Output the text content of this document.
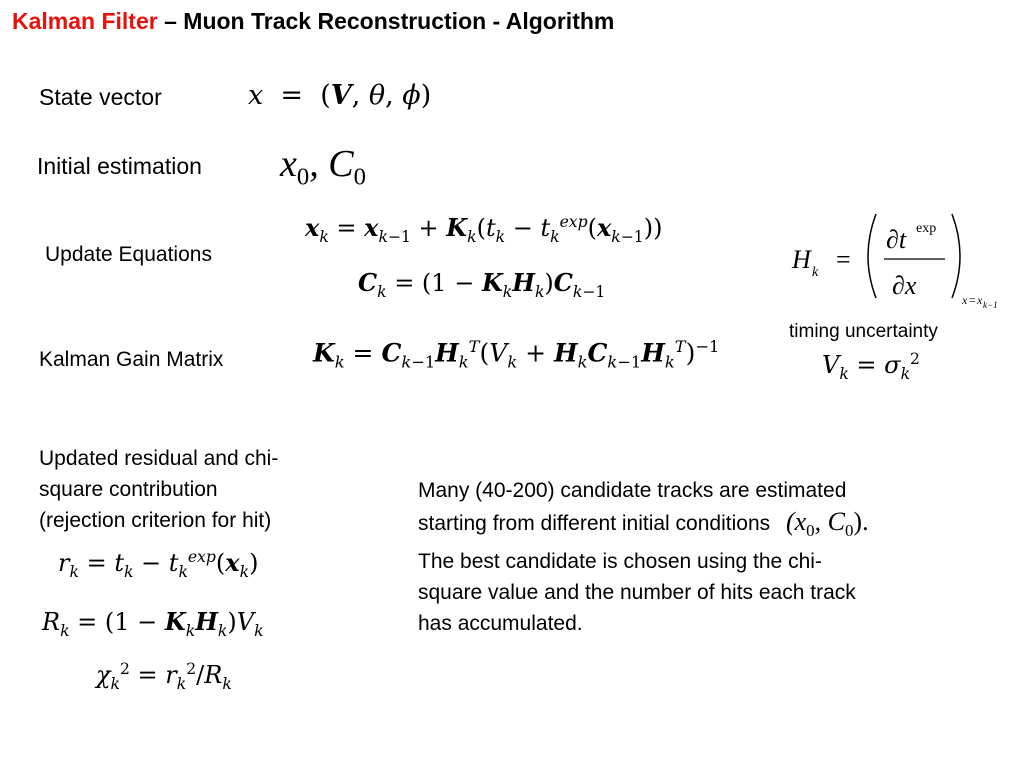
Kalman Filter – Muon Track Reconstruction - Algorithm
State vector	x  =  (V, θ, ϕ)
Initial estimation $x_0$, $C_0$
Update Equations
$x_k = x_{k-1} + K_k(t_k - t_k^{exp}(x_{k-1}))$
$C_k = (1 - K_kH_k)C_{k-1}$
H k =
∂t exp
∂x	x = x k−1
Kalman Gain Matrix	$K_k = C_{k-1}H_k^T(V_k + H_kC_{k-1}H_k^T)^{-1}$
timing uncertainty
$V_k = \sigma_k^2$
Updated residual and chi-
square contribution
(rejection criterion for hit)
$r_k = t_k - t_k^{exp}(x_k)$
$R_k = (1 - K_kH_k)V_k$
$\chi_k^2 = r_k^2/R_k$
Many (40-200) candidate tracks are estimated
starting from different initial conditions ($x_0$, $C_0$).
The best candidate is chosen using the chi-
square value and the number of hits each track
has accumulated.
